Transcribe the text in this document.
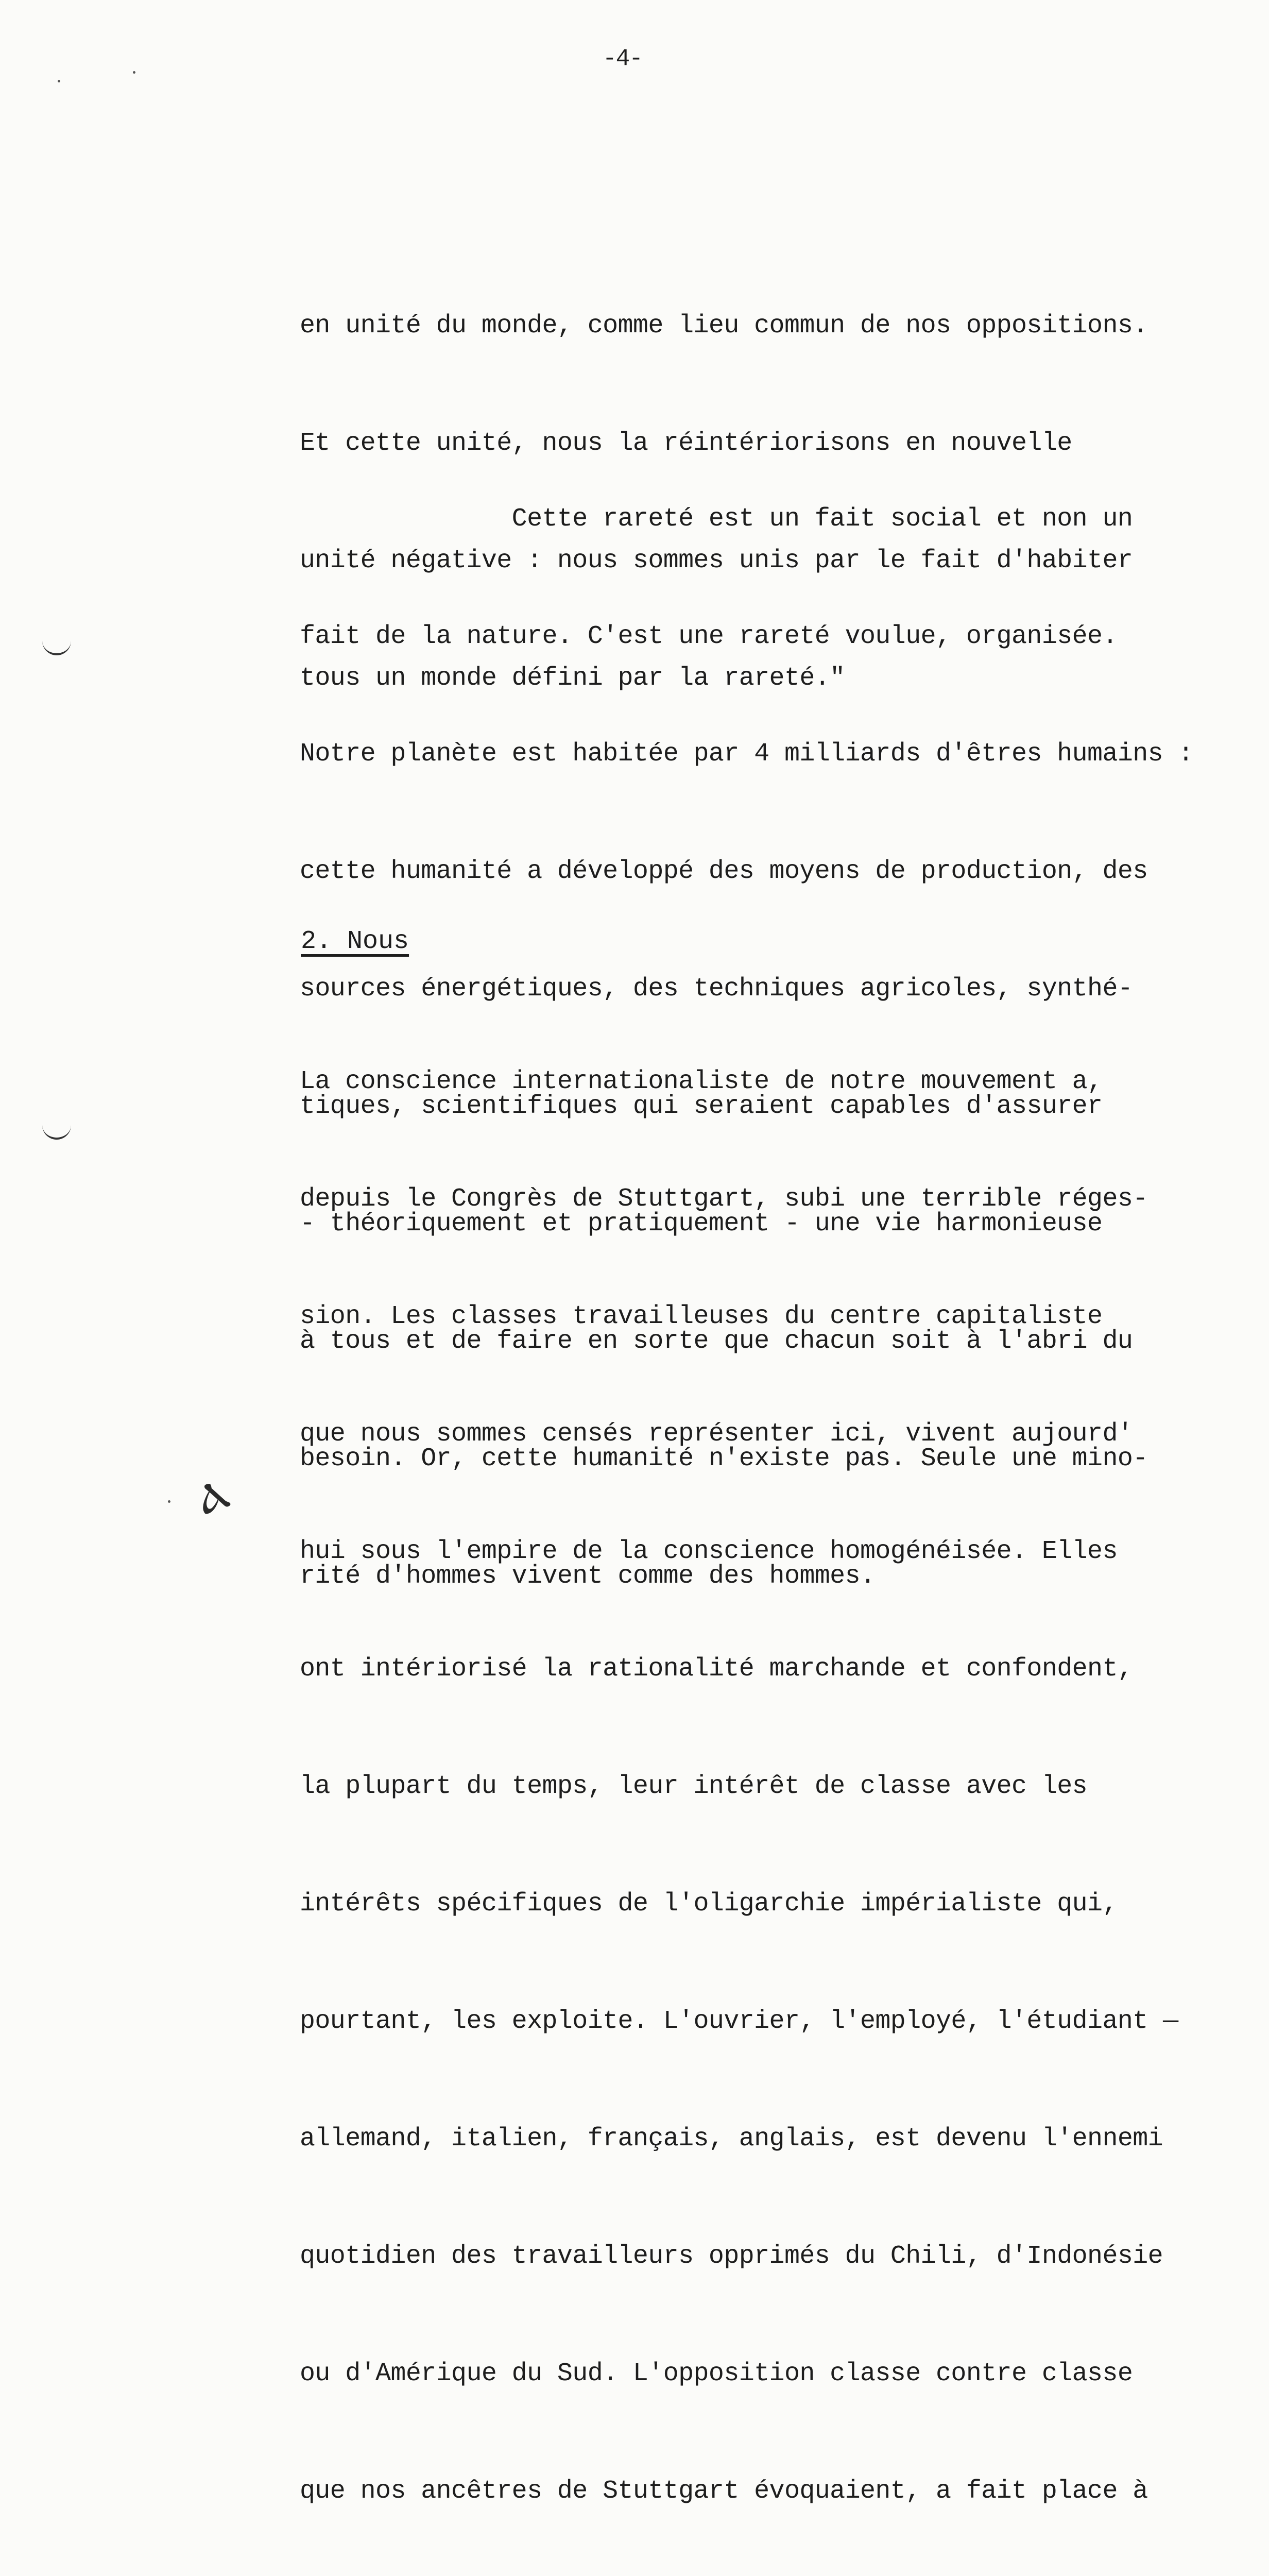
-4-

en unité du monde, comme lieu commun de nos oppositions.

Et cette unité, nous la réintériorisons en nouvelle

unité négative : nous sommes unis par le fait d'habiter

tous un monde défini par la rareté."

Cette rareté est un fait social et non un

fait de la nature. C'est une rareté voulue, organisée.

Notre planète est habitée par 4 milliards d'êtres humains :

cette humanité a développé des moyens de production, des

sources énergétiques, des techniques agricoles, synthé-

tiques, scientifiques qui seraient capables d'assurer

- théoriquement et pratiquement - une vie harmonieuse

à tous et de faire en sorte que chacun soit à l'abri du

besoin. Or, cette humanité n'existe pas. Seule une mino-

rité d'hommes vivent comme des hommes.

2. Nous

La conscience internationaliste de notre mouvement a,

depuis le Congrès de Stuttgart, subi une terrible réges-

sion. Les classes travailleuses du centre capitaliste

que nous sommes censés représenter ici, vivent aujourd'

hui sous l'empire de la conscience homogénéisée. Elles

ont intériorisé la rationalité marchande et confondent,

la plupart du temps, leur intérêt de classe avec les

intérêts spécifiques de l'oligarchie impérialiste qui,

pourtant, les exploite. L'ouvrier, l'employé, l'étudiant —

allemand, italien, français, anglais, est devenu l'ennemi

quotidien des travailleurs opprimés du Chili, d'Indonésie

ou d'Amérique du Sud. L'opposition classe contre classe

que nos ancêtres de Stuttgart évoquaient, a fait place à

Ⲁ
